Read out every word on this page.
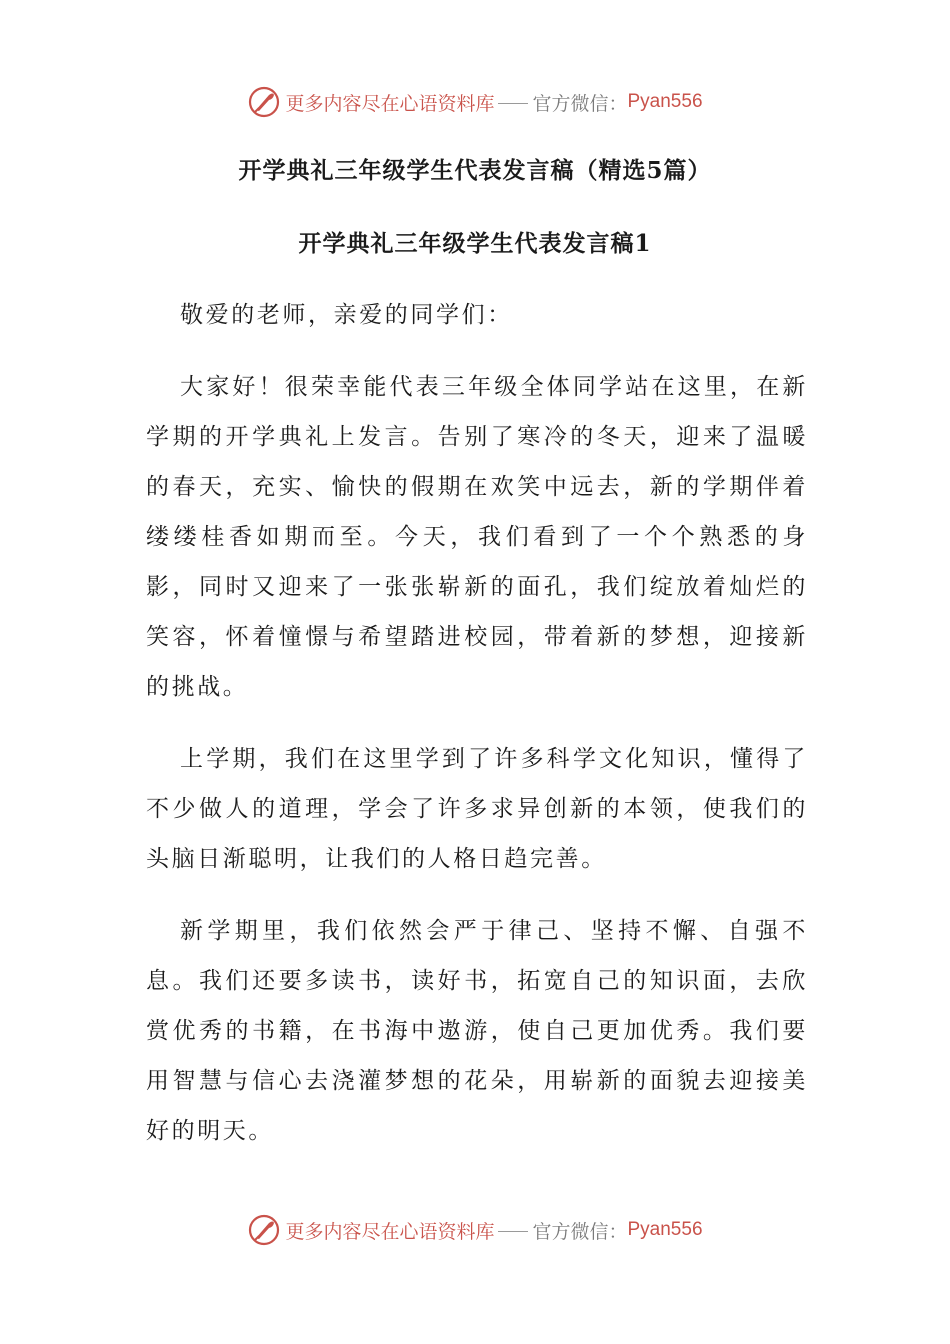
更多内容尽在心语资料库 官方微信： Pyan556
开学典礼三年级学生代表发言稿（精选5篇）
开学典礼三年级学生代表发言稿1

敬爱的老师，亲爱的同学们：

大家好！很荣幸能代表三年级全体同学站在这里，在新学期的开学典礼上发言。告别了寒冷的冬天，迎来了温暖的春天，充实、愉快的假期在欢笑中远去，新的学期伴着缕缕桂香如期而至。今天，我们看到了一个个熟悉的身影，同时又迎来了一张张崭新的面孔，我们绽放着灿烂的笑容，怀着憧憬与希望踏进校园，带着新的梦想，迎接新的挑战。

上学期，我们在这里学到了许多科学文化知识，懂得了不少做人的道理，学会了许多求异创新的本领，使我们的头脑日渐聪明，让我们的人格日趋完善。

新学期里，我们依然会严于律己、坚持不懈、自强不息。我们还要多读书，读好书，拓宽自己的知识面，去欣赏优秀的书籍，在书海中遨游，使自己更加优秀。我们要用智慧与信心去浇灌梦想的花朵，用崭新的面貌去迎接美好的明天。

更多内容尽在心语资料库 官方微信： Pyan556
